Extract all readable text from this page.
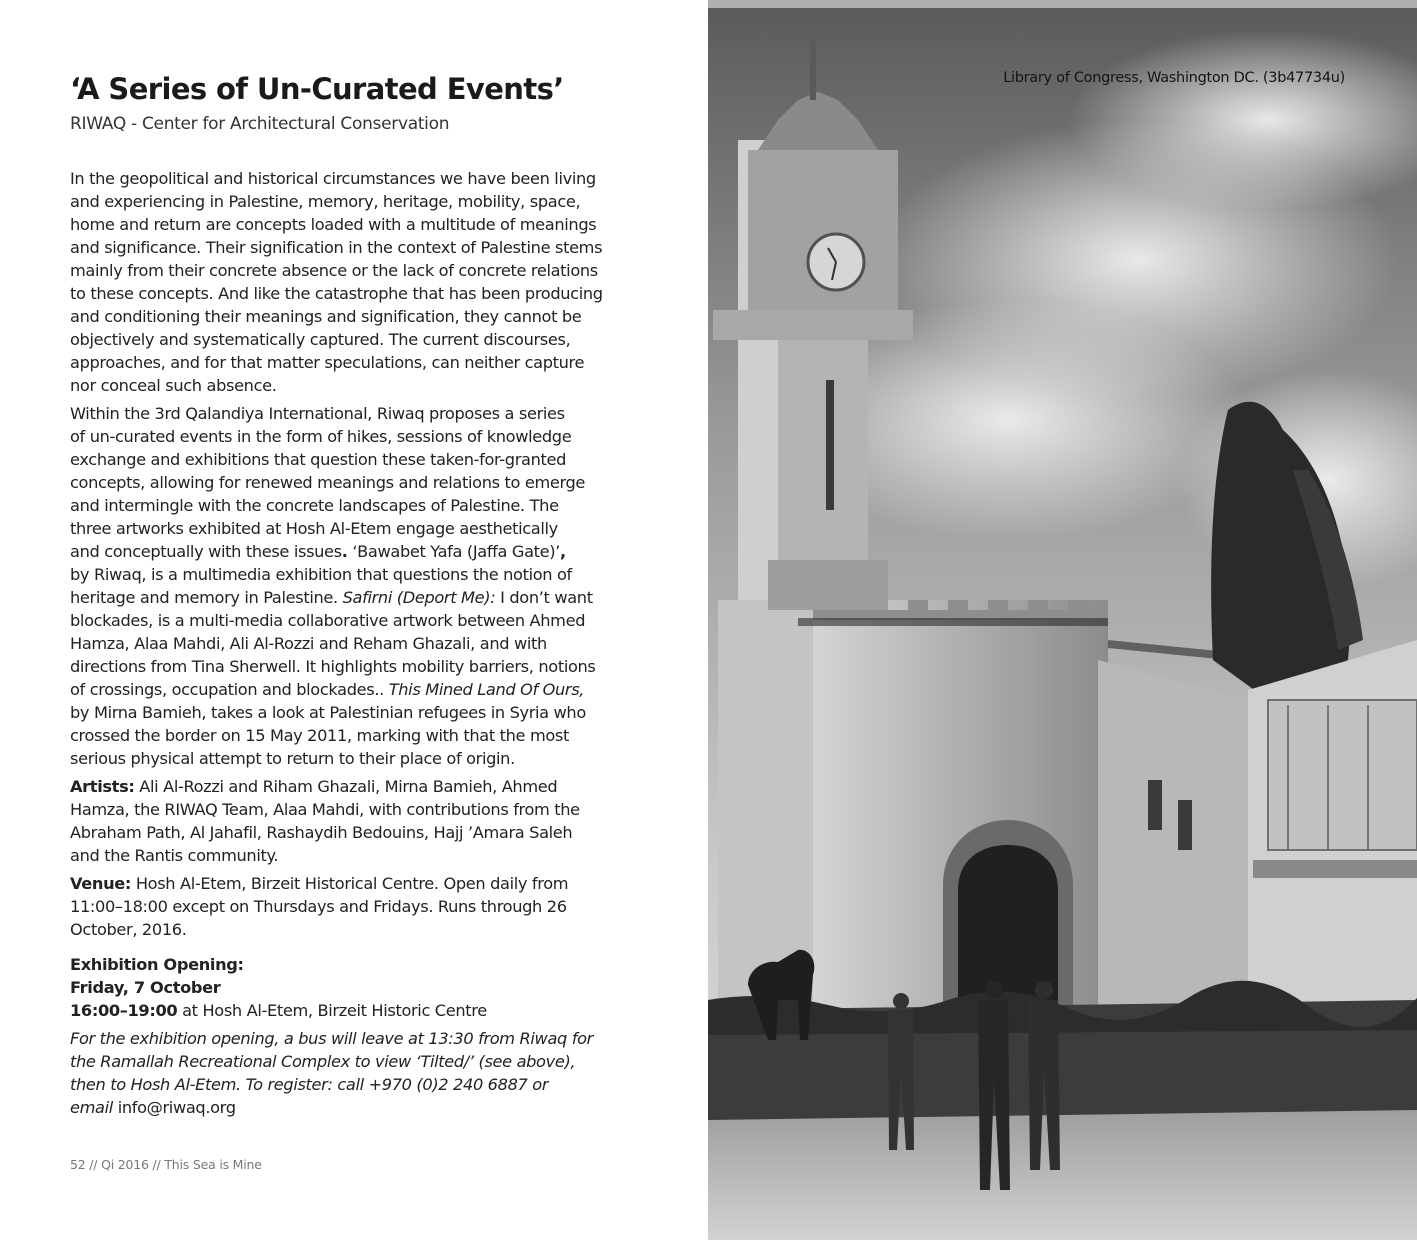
‘A Series of Un-Curated Events’

RIWAQ - Center for Architectural Conservation

In the geopolitical and historical circumstances we have been living
and experiencing in Palestine, memory, heritage, mobility, space,
home and return are concepts loaded with a multitude of meanings
and significance. Their signification in the context of Palestine stems
mainly from their concrete absence or the lack of concrete relations
to these concepts. And like the catastrophe that has been producing
and conditioning their meanings and signification, they cannot be
objectively and systematically captured. The current discourses,
approaches, and for that matter speculations, can neither capture
nor conceal such absence.
Within the 3rd Qalandiya International, Riwaq proposes a series
of un-curated events in the form of hikes, sessions of knowledge
exchange and exhibitions that question these taken-for-granted
concepts, allowing for renewed meanings and relations to emerge
and intermingle with the concrete landscapes of Palestine. The
three artworks exhibited at Hosh Al-Etem engage aesthetically
and conceptually with these issues. ‘Bawabet Yafa (Jaffa Gate)’,
by Riwaq, is a multimedia exhibition that questions the notion of
heritage and memory in Palestine. Safirni (Deport Me): I don’t want
blockades, is a multi-media collaborative artwork between Ahmed
Hamza, Alaa Mahdi, Ali Al-Rozzi and Reham Ghazali, and with
directions from Tina Sherwell. It highlights mobility barriers, notions
of crossings, occupation and blockades.. This Mined Land Of Ours,
by Mirna Bamieh, takes a look at Palestinian refugees in Syria who
crossed the border on 15 May 2011, marking with that the most
serious physical attempt to return to their place of origin.
Artists: Ali Al-Rozzi and Riham Ghazali, Mirna Bamieh, Ahmed
Hamza, the RIWAQ Team, Alaa Mahdi, with contributions from the
Abraham Path, Al Jahafil, Rashaydih Bedouins, Hajj ’Amara Saleh
and the Rantis community.
Venue: Hosh Al-Etem, Birzeit Historical Centre. Open daily from
11:00–18:00 except on Thursdays and Fridays. Runs through 26
October, 2016.
Exhibition Opening:
Friday, 7 October
16:00–19:00 at Hosh Al-Etem, Birzeit Historic Centre
For the exhibition opening, a bus will leave at 13:30 from Riwaq for
the Ramallah Recreational Complex to view ‘Tilted/’ (see above),
then to Hosh Al-Etem. To register: call +970 (0)2 240 6887 or
email info@riwaq.org

52 // Qi 2016 // This Sea is Mine

Library of Congress, Washington DC. (3b47734u)
